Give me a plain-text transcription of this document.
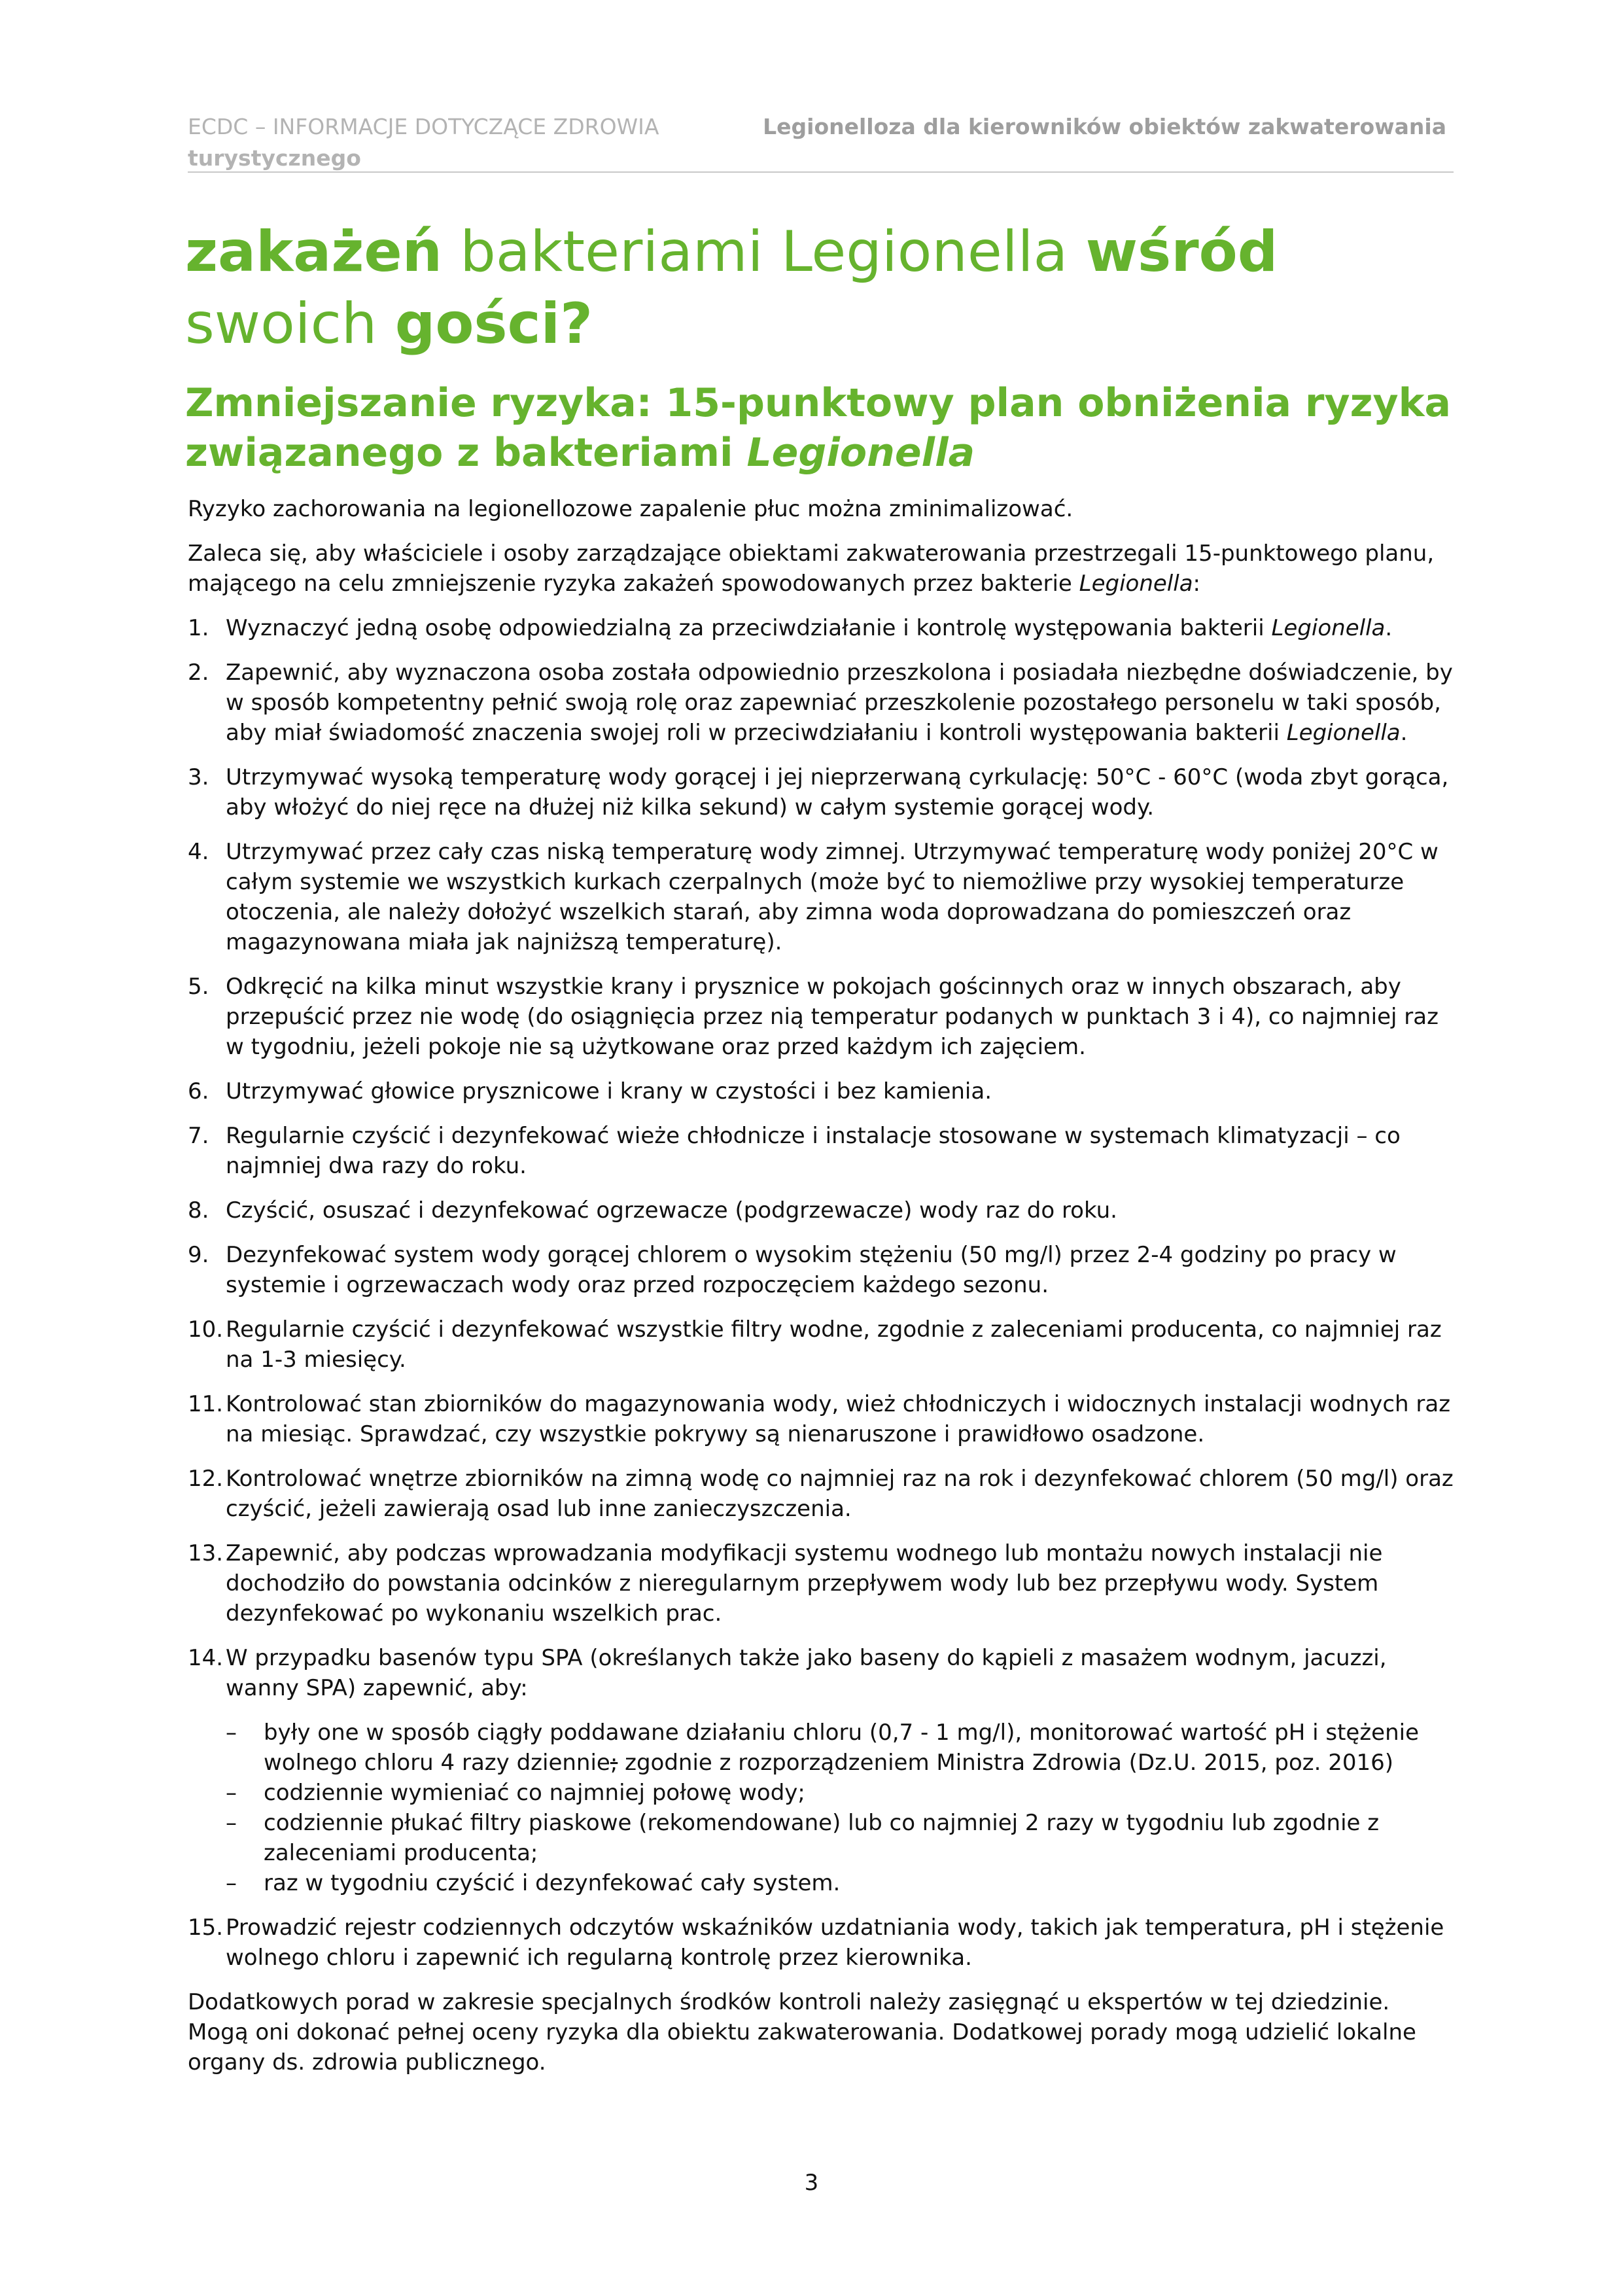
ECDC – INFORMACJE DOTYCZĄCE ZDROWIA
turystycznego
Legionelloza dla kierowników obiektów zakwaterowania
zakażeń bakteriami Legionella wśród swoich gości?
Zmniejszanie ryzyka: 15-punktowy plan obniżenia ryzyka związanego z bakteriami Legionella

Ryzyko zachorowania na legionellozowe zapalenie płuc można zminimalizować.

Zaleca się, aby właściciele i osoby zarządzające obiektami zakwaterowania przestrzegali 15-punktowego planu, mającego na celu zmniejszenie ryzyka zakażeń spowodowanych przez bakterie Legionella:

1. Wyznaczyć jedną osobę odpowiedzialną za przeciwdziałanie i kontrolę występowania bakterii Legionella.
2. Zapewnić, aby wyznaczona osoba została odpowiednio przeszkolona i posiadała niezbędne doświadczenie, by w sposób kompetentny pełnić swoją rolę oraz zapewniać przeszkolenie pozostałego personelu w taki sposób, aby miał świadomość znaczenia swojej roli w przeciwdziałaniu i kontroli występowania bakterii Legionella.
3. Utrzymywać wysoką temperaturę wody gorącej i jej nieprzerwaną cyrkulację: 50°C - 60°C (woda zbyt gorąca, aby włożyć do niej ręce na dłużej niż kilka sekund) w całym systemie gorącej wody.
4. Utrzymywać przez cały czas niską temperaturę wody zimnej. Utrzymywać temperaturę wody poniżej 20°C w całym systemie we wszystkich kurkach czerpalnych (może być to niemożliwe przy wysokiej temperaturze otoczenia, ale należy dołożyć wszelkich starań, aby zimna woda doprowadzana do pomieszczeń oraz magazynowana miała jak najniższą temperaturę).
5. Odkręcić na kilka minut wszystkie krany i prysznice w pokojach gościnnych oraz w innych obszarach, aby przepuścić przez nie wodę (do osiągnięcia przez nią temperatur podanych w punktach 3 i 4), co najmniej raz w tygodniu, jeżeli pokoje nie są użytkowane oraz przed każdym ich zajęciem.
6. Utrzymywać głowice prysznicowe i krany w czystości i bez kamienia.
7. Regularnie czyścić i dezynfekować wieże chłodnicze i instalacje stosowane w systemach klimatyzacji – co najmniej dwa razy do roku.
8. Czyścić, osuszać i dezynfekować ogrzewacze (podgrzewacze) wody raz do roku.
9. Dezynfekować system wody gorącej chlorem o wysokim stężeniu (50 mg/l) przez 2-4 godziny po pracy w systemie i ogrzewaczach wody oraz przed rozpoczęciem każdego sezonu.
10. Regularnie czyścić i dezynfekować wszystkie filtry wodne, zgodnie z zaleceniami producenta, co najmniej raz na 1-3 miesięcy.
11. Kontrolować stan zbiorników do magazynowania wody, wież chłodniczych i widocznych instalacji wodnych raz na miesiąc. Sprawdzać, czy wszystkie pokrywy są nienaruszone i prawidłowo osadzone.
12. Kontrolować wnętrze zbiorników na zimną wodę co najmniej raz na rok i dezynfekować chlorem (50 mg/l) oraz czyścić, jeżeli zawierają osad lub inne zanieczyszczenia.
13. Zapewnić, aby podczas wprowadzania modyfikacji systemu wodnego lub montażu nowych instalacji nie dochodziło do powstania odcinków z nieregularnym przepływem wody lub bez przepływu wody. System dezynfekować po wykonaniu wszelkich prac.
14. W przypadku basenów typu SPA (określanych także jako baseny do kąpieli z masażem wodnym, jacuzzi, wanny SPA) zapewnić, aby:
– były one w sposób ciągły poddawane działaniu chloru (0,7 - 1 mg/l), monitorować wartość pH i stężenie wolnego chloru 4 razy dziennie; zgodnie z rozporządzeniem Ministra Zdrowia (Dz.U. 2015, poz. 2016)
– codziennie wymieniać co najmniej połowę wody;
– codziennie płukać filtry piaskowe (rekomendowane) lub co najmniej 2 razy w tygodniu lub zgodnie z zaleceniami producenta;
– raz w tygodniu czyścić i dezynfekować cały system.
15. Prowadzić rejestr codziennych odczytów wskaźników uzdatniania wody, takich jak temperatura, pH i stężenie wolnego chloru i zapewnić ich regularną kontrolę przez kierownika.

Dodatkowych porad w zakresie specjalnych środków kontroli należy zasięgnąć u ekspertów w tej dziedzinie. Mogą oni dokonać pełnej oceny ryzyka dla obiektu zakwaterowania. Dodatkowej porady mogą udzielić lokalne organy ds. zdrowia publicznego.

3
